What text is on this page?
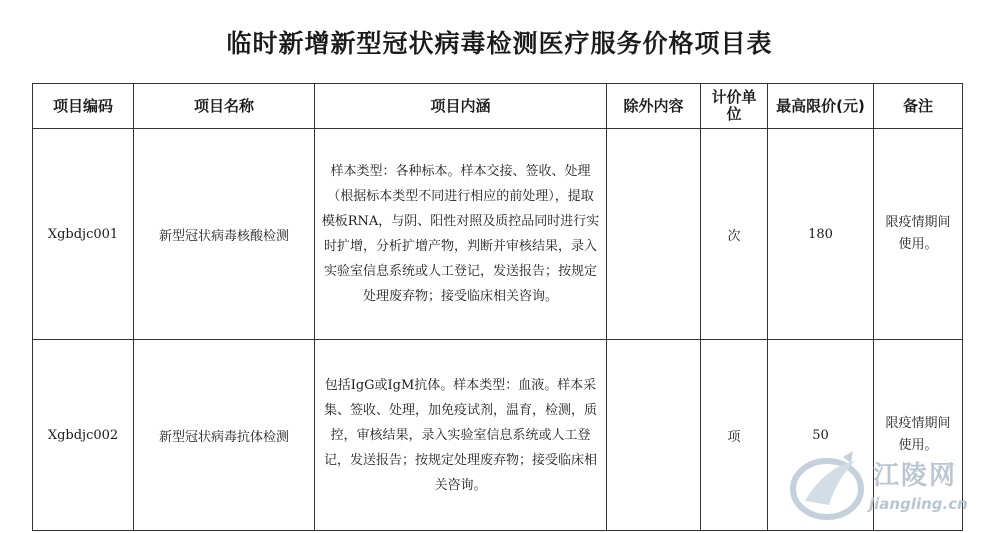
临时新增新型冠状病毒检测医疗服务价格项目表
项目编码	项目名称	项目内涵	除外内容	计价单位	最高限价(元)	备注
Xgbdjc001	新型冠状病毒核酸检测	样本类型：各种标本。样本交接、签收、处理（根据标本类型不同进行相应的前处理），提取模板RNA，与阴、阳性对照及质控品同时进行实时扩增，分析扩增产物，判断并审核结果，录入实验室信息系统或人工登记，发送报告；按规定处理废弃物；接受临床相关咨询。		次	180	限疫情期间使用。
Xgbdjc002	新型冠状病毒抗体检测	包括IgG或IgM抗体。样本类型：血液。样本采集、签收、处理，加免疫试剂，温育，检测，质控，审核结果，录入实验室信息系统或人工登记，发送报告；按规定处理废弃物；接受临床相关咨询。		项	50	限疫情期间使用。
江陵网
jiangling.cn
